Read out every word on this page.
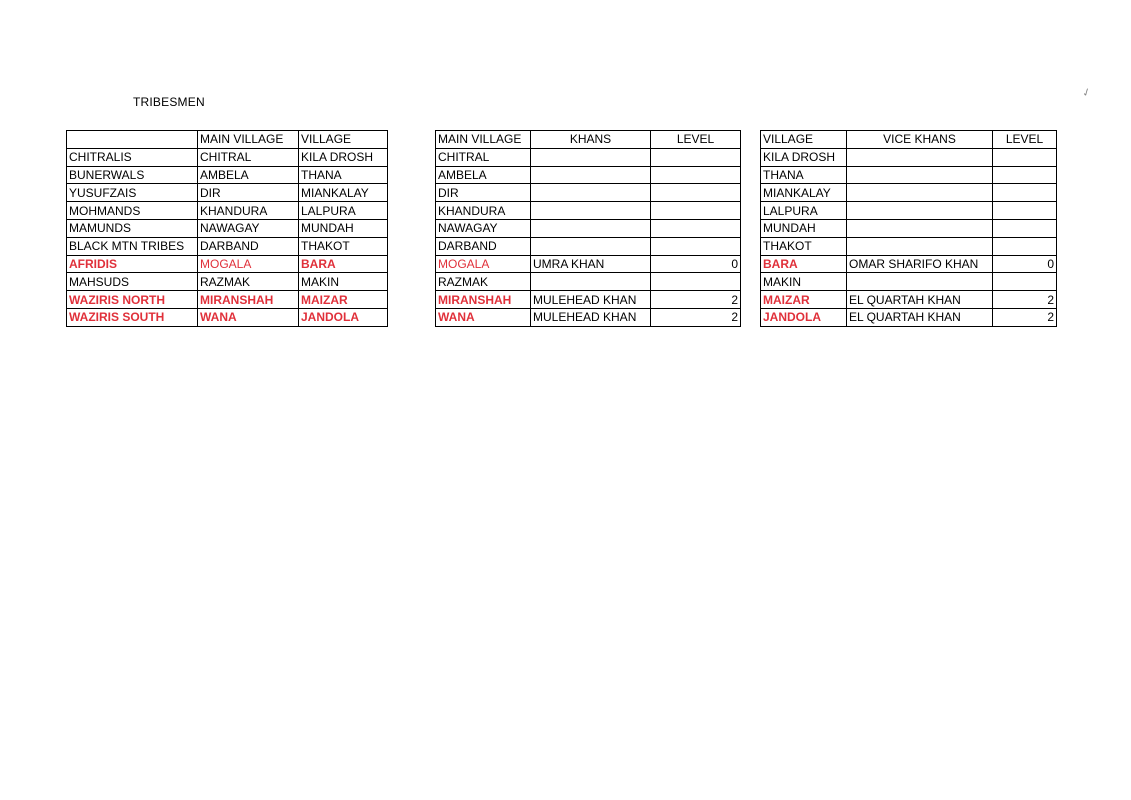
TRIBESMEN
✓
	MAIN VILLAGE	VILLAGE
CHITRALIS	CHITRAL	KILA DROSH
BUNERWALS	AMBELA	THANA
YUSUFZAIS	DIR	MIANKALAY
MOHMANDS	KHANDURA	LALPURA
MAMUNDS	NAWAGAY	MUNDAH
BLACK MTN TRIBES	DARBAND	THAKOT
AFRIDIS	MOGALA	BARA
MAHSUDS	RAZMAK	MAKIN
WAZIRIS NORTH	MIRANSHAH	MAIZAR
WAZIRIS SOUTH	WANA	JANDOLA
MAIN VILLAGE	KHANS	LEVEL
CHITRAL		
AMBELA		
DIR		
KHANDURA		
NAWAGAY		
DARBAND		
MOGALA	UMRA KHAN	0
RAZMAK		
MIRANSHAH	MULEHEAD KHAN	2
WANA	MULEHEAD KHAN	2
VILLAGE	VICE KHANS	LEVEL
KILA DROSH		
THANA		
MIANKALAY		
LALPURA		
MUNDAH		
THAKOT		
BARA	OMAR SHARIFO KHAN	0
MAKIN		
MAIZAR	EL QUARTAH KHAN	2
JANDOLA	EL QUARTAH KHAN	2
